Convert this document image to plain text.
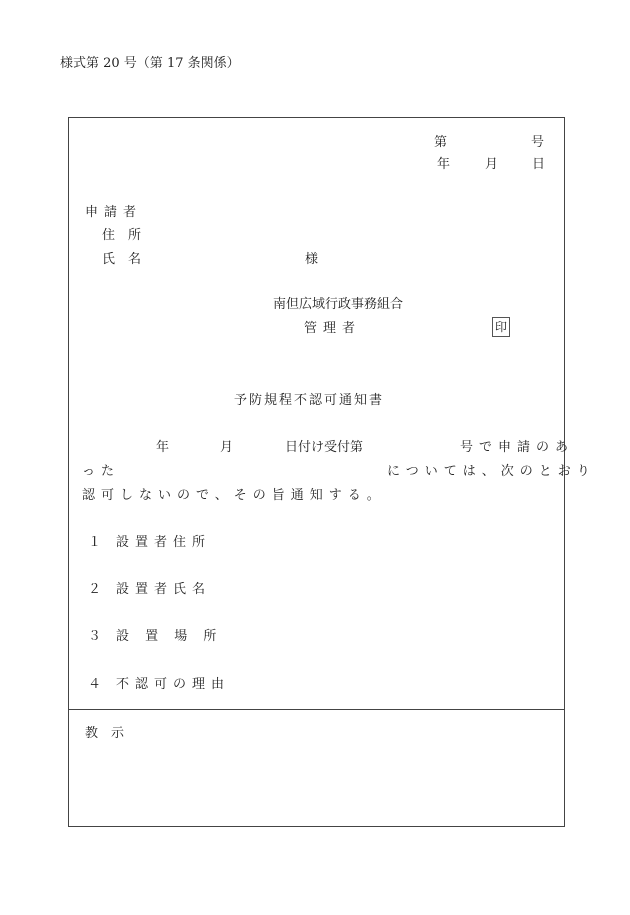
様式第 20 号（第 17 条関係）
第	号
年	月	日
申請者
住　所
氏　名	様
南但広域行政事務組合
管理者	印
予防規程不認可通知書
年	月	日付け受付第	号で申請のあ
った	については、次のとおり
認可しないので、その旨通知する。
１ 設置者住所
２ 設置者氏名
３ 設 置 場 所
４ 不認可の理由
教　示
